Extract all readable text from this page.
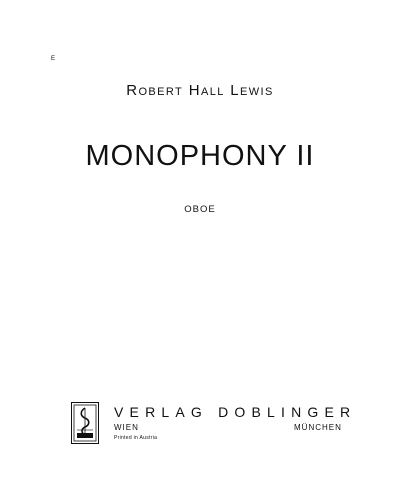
E
Robert Hall Lewis
MONOPHONY II
OBOE
VERLAG DOBLINGER
WIEN	MÜNCHEN
Printed in Austria
